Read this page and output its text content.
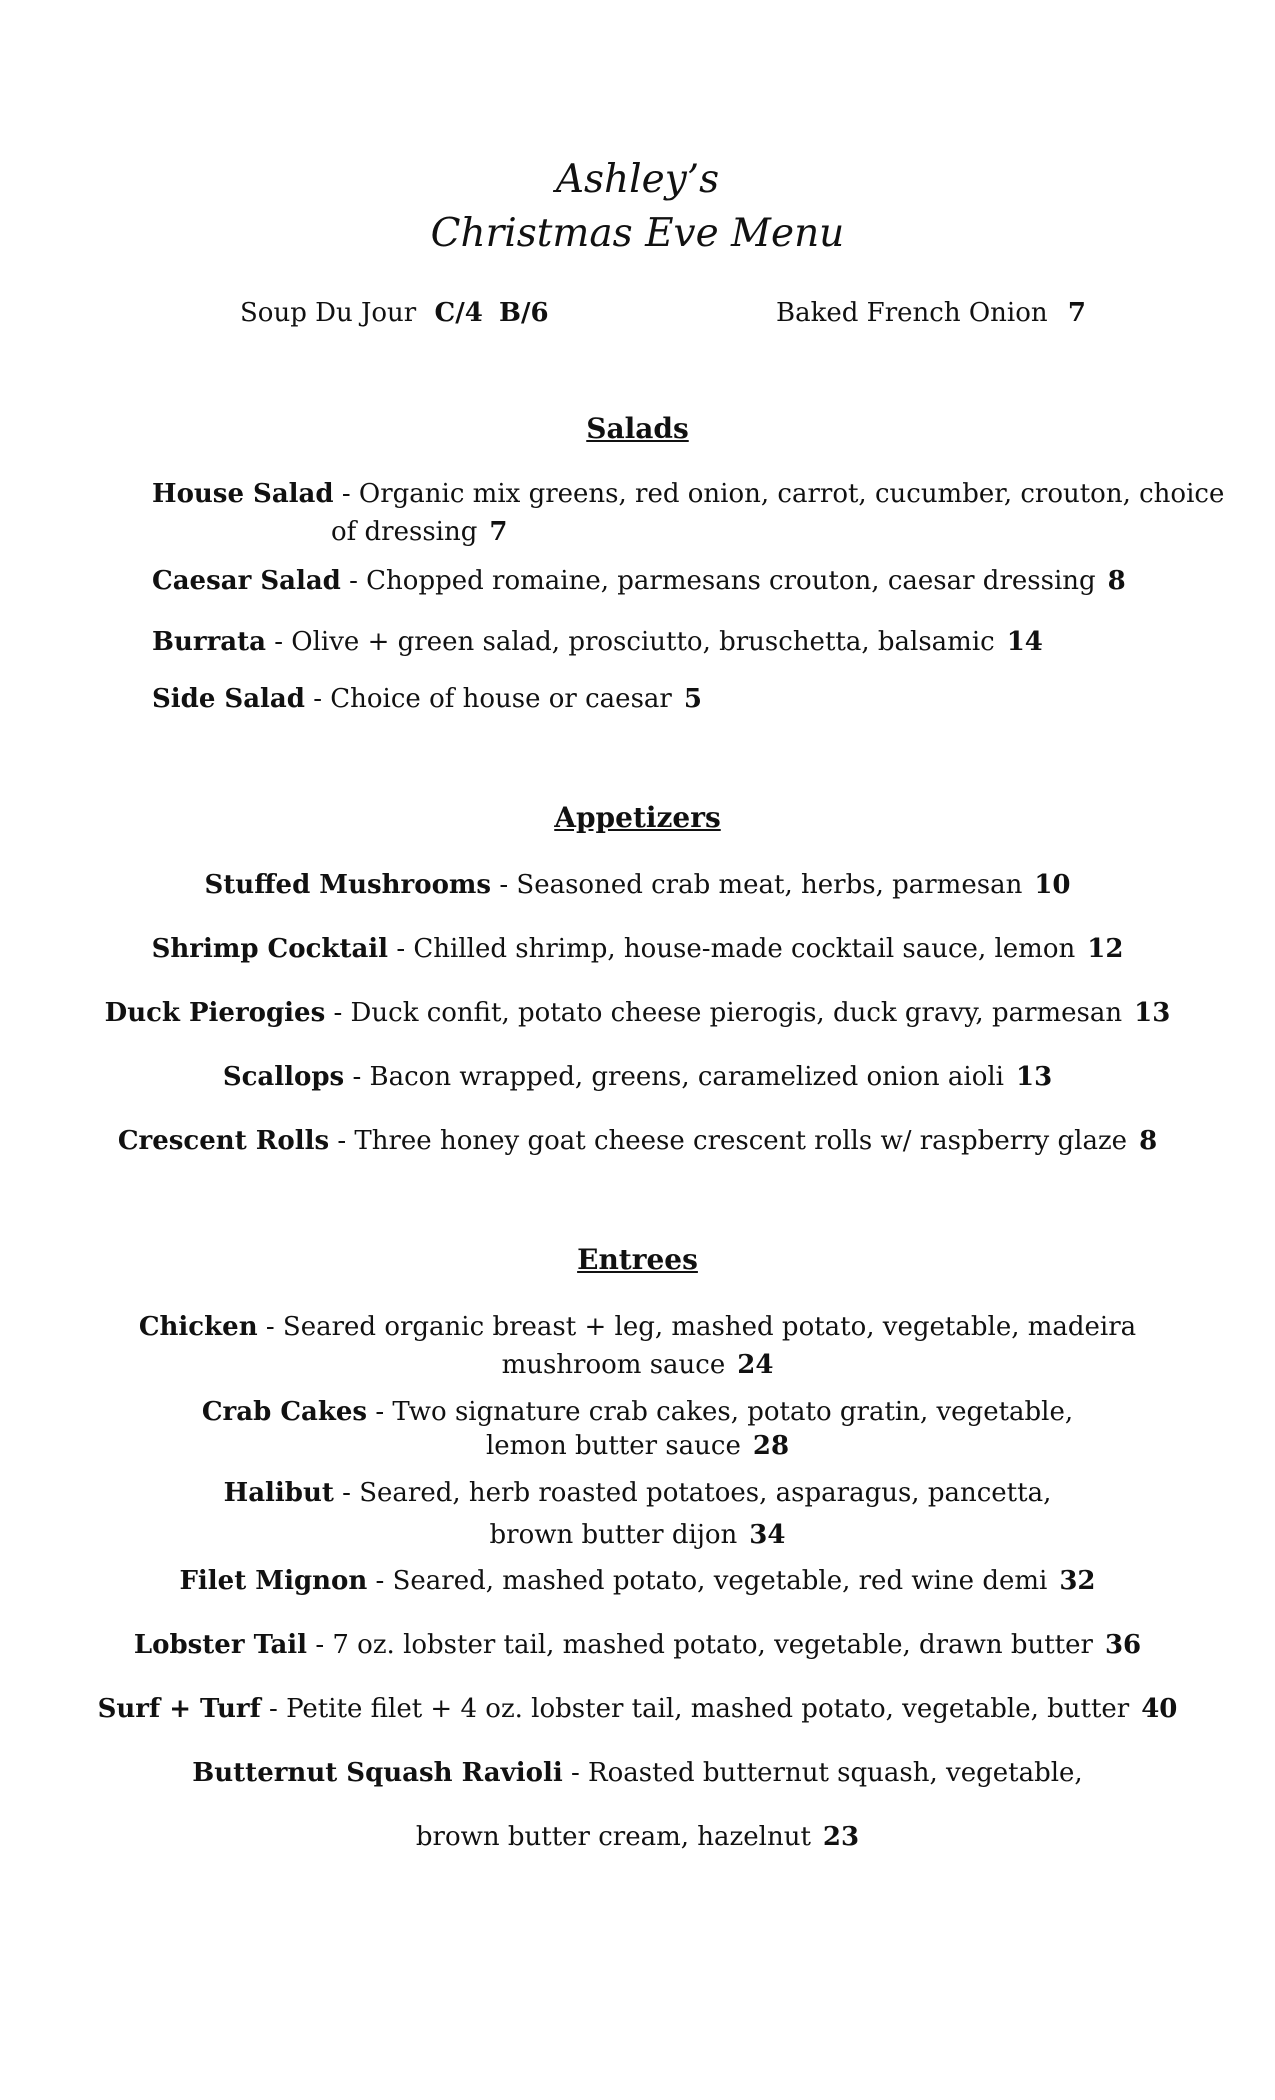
Ashley’s
Christmas Eve Menu
Soup Du Jour C/4 B/6	Baked French Onion 7
Salads
House Salad - Organic mix greens, red onion, carrot, cucumber, crouton, choice
of dressing 7
Caesar Salad - Chopped romaine, parmesans crouton, caesar dressing 8
Burrata - Olive + green salad, prosciutto, bruschetta, balsamic 14
Side Salad - Choice of house or caesar 5
Appetizers
Stuffed Mushrooms - Seasoned crab meat, herbs, parmesan 10
Shrimp Cocktail - Chilled shrimp, house-made cocktail sauce, lemon 12
Duck Pierogies - Duck confit, potato cheese pierogis, duck gravy, parmesan 13
Scallops - Bacon wrapped, greens, caramelized onion aioli 13
Crescent Rolls - Three honey goat cheese crescent rolls w/ raspberry glaze 8
Entrees
Chicken - Seared organic breast + leg, mashed potato, vegetable, madeira
mushroom sauce 24
Crab Cakes - Two signature crab cakes, potato gratin, vegetable,
lemon butter sauce 28
Halibut - Seared, herb roasted potatoes, asparagus, pancetta,
brown butter dijon 34
Filet Mignon - Seared, mashed potato, vegetable, red wine demi 32
Lobster Tail - 7 oz. lobster tail, mashed potato, vegetable, drawn butter 36
Surf + Turf - Petite filet + 4 oz. lobster tail, mashed potato, vegetable, butter 40
Butternut Squash Ravioli - Roasted butternut squash, vegetable,
brown butter cream, hazelnut 23
